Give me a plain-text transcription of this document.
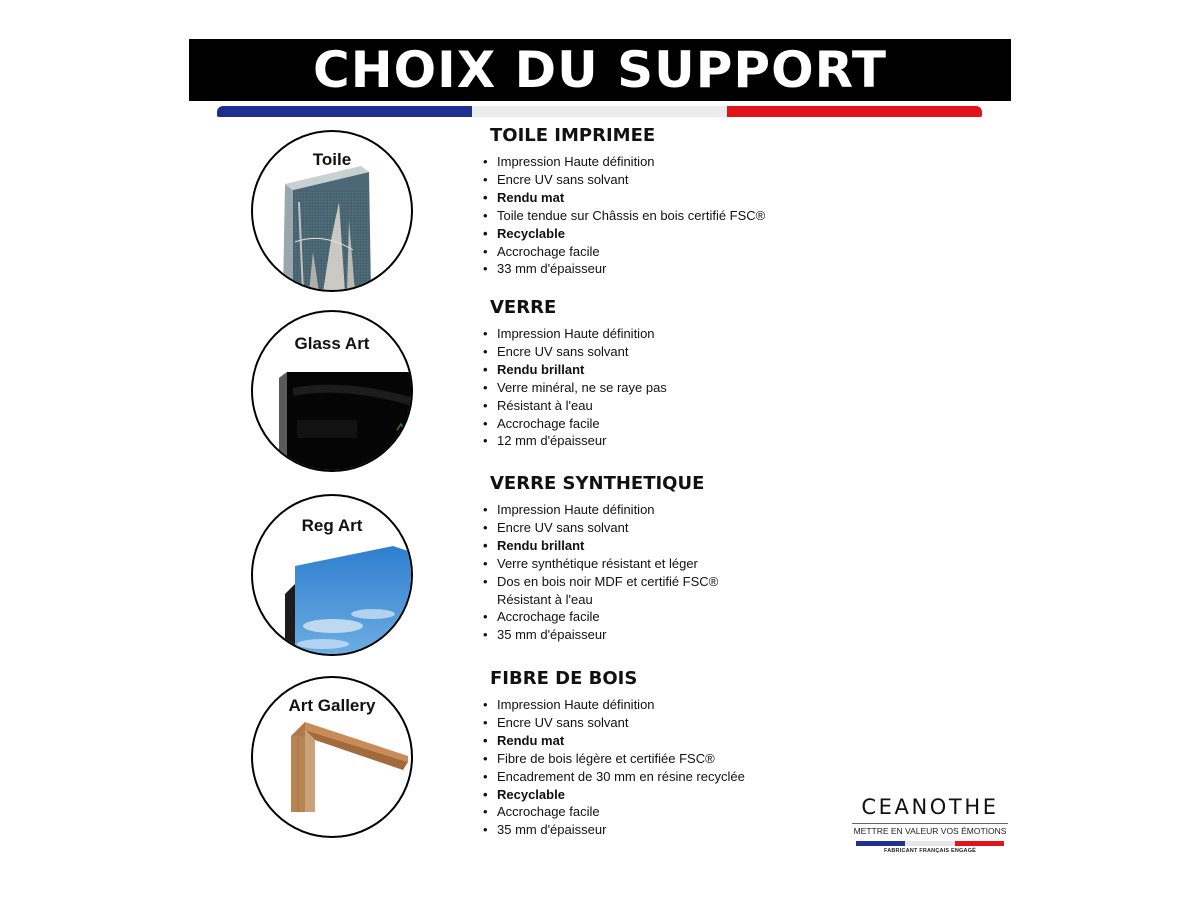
CHOIX DU SUPPORT
Toile
Glass Art
Reg Art
Art Gallery
TOILE IMPRIMEE
• Impression Haute définition
• Encre UV sans solvant
• Rendu mat
• Toile tendue sur Châssis en bois certifié FSC®
• Recyclable
• Accrochage facile
• 33 mm d'épaisseur
VERRE
• Impression Haute définition
• Encre UV sans solvant
• Rendu brillant
• Verre minéral, ne se raye pas
• Résistant à l'eau
• Accrochage facile
• 12 mm d'épaisseur
VERRE SYNTHETIQUE
• Impression Haute définition
• Encre UV sans solvant
• Rendu brillant
• Verre synthétique résistant et léger
• Dos en bois noir MDF et certifié FSC®
Résistant à l'eau
• Accrochage facile
• 35 mm d'épaisseur
FIBRE DE BOIS
• Impression Haute définition
• Encre UV sans solvant
• Rendu mat
• Fibre de bois légère et certifiée FSC®
• Encadrement de 30 mm en résine recyclée
• Recyclable
• Accrochage facile
• 35 mm d'épaisseur
CEANOTHE
METTRE EN VALEUR VOS ÉMOTIONS
FABRICANT FRANÇAIS ENGAGÉ
